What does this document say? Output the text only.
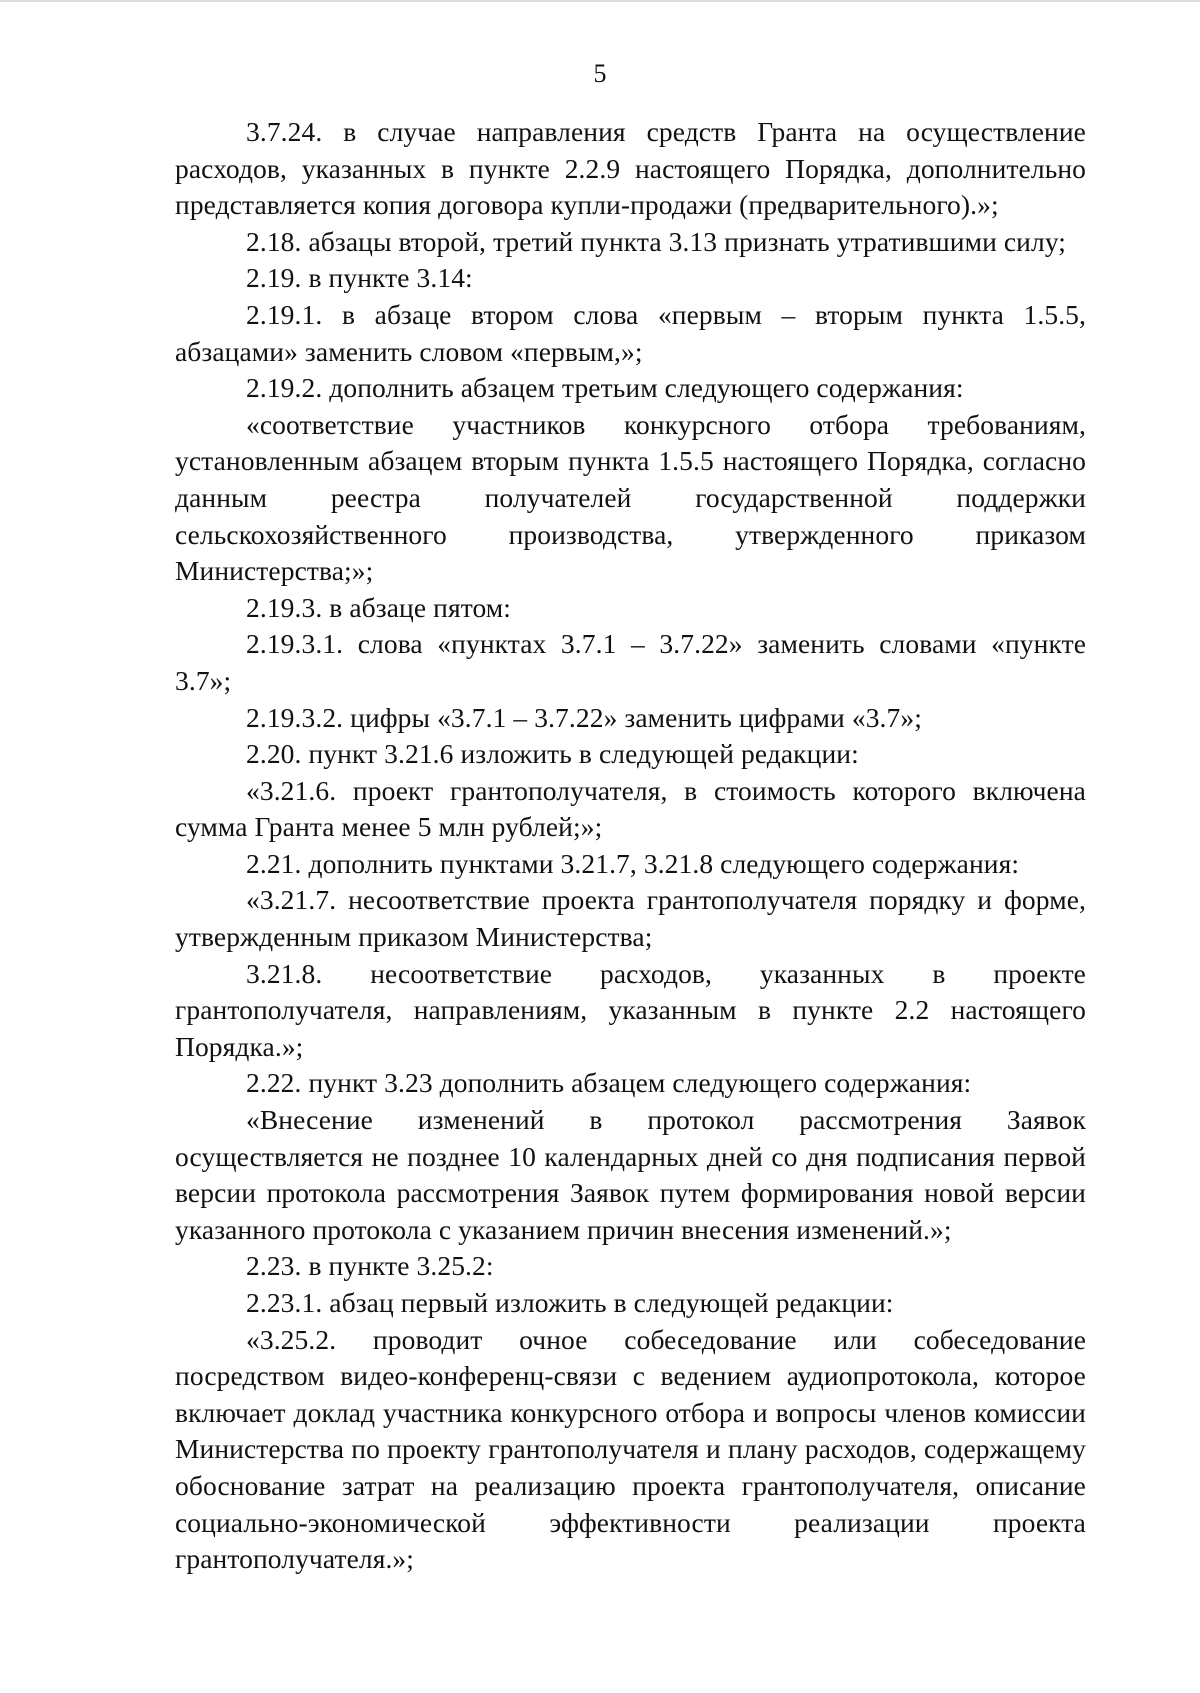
5

3.7.24. в случае направления средств Гранта на осуществление расходов, указанных в пункте 2.2.9 настоящего Порядка, дополнительно представляется копия договора купли-продажи (предварительного).»;

2.18. абзацы второй, третий пункта 3.13 признать утратившими силу;

2.19. в пункте 3.14:

2.19.1. в абзаце втором слова «первым – вторым пункта 1.5.5, абзацами» заменить словом «первым,»;

2.19.2. дополнить абзацем третьим следующего содержания:

«соответствие участников конкурсного отбора требованиям, установленным абзацем вторым пункта 1.5.5 настоящего Порядка, согласно данным реестра получателей государственной поддержки сельскохозяйственного производства, утвержденного приказом Министерства;»;

2.19.3. в абзаце пятом:

2.19.3.1. слова «пунктах 3.7.1 – 3.7.22» заменить словами «пункте 3.7»;

2.19.3.2. цифры «3.7.1 – 3.7.22» заменить цифрами «3.7»;

2.20. пункт 3.21.6 изложить в следующей редакции:

«3.21.6. проект грантополучателя, в стоимость которого включена сумма Гранта менее 5 млн рублей;»;

2.21. дополнить пунктами 3.21.7, 3.21.8 следующего содержания:

«3.21.7. несоответствие проекта грантополучателя порядку и форме, утвержденным приказом Министерства;

3.21.8. несоответствие расходов, указанных в проекте грантополучателя, направлениям, указанным в пункте 2.2 настоящего Порядка.»;

2.22. пункт 3.23 дополнить абзацем следующего содержания:

«Внесение изменений в протокол рассмотрения Заявок осуществляется не позднее 10 календарных дней со дня подписания первой версии протокола рассмотрения Заявок путем формирования новой версии указанного протокола с указанием причин внесения изменений.»;

2.23. в пункте 3.25.2:

2.23.1. абзац первый изложить в следующей редакции:

«3.25.2. проводит очное собеседование или собеседование посредством видео-конференц-связи с ведением аудиопротокола, которое включает доклад участника конкурсного отбора и вопросы членов комиссии Министерства по проекту грантополучателя и плану расходов, содержащему обоснование затрат на реализацию проекта грантополучателя, описание социально-экономической эффективности реализации проекта грантополучателя.»;
